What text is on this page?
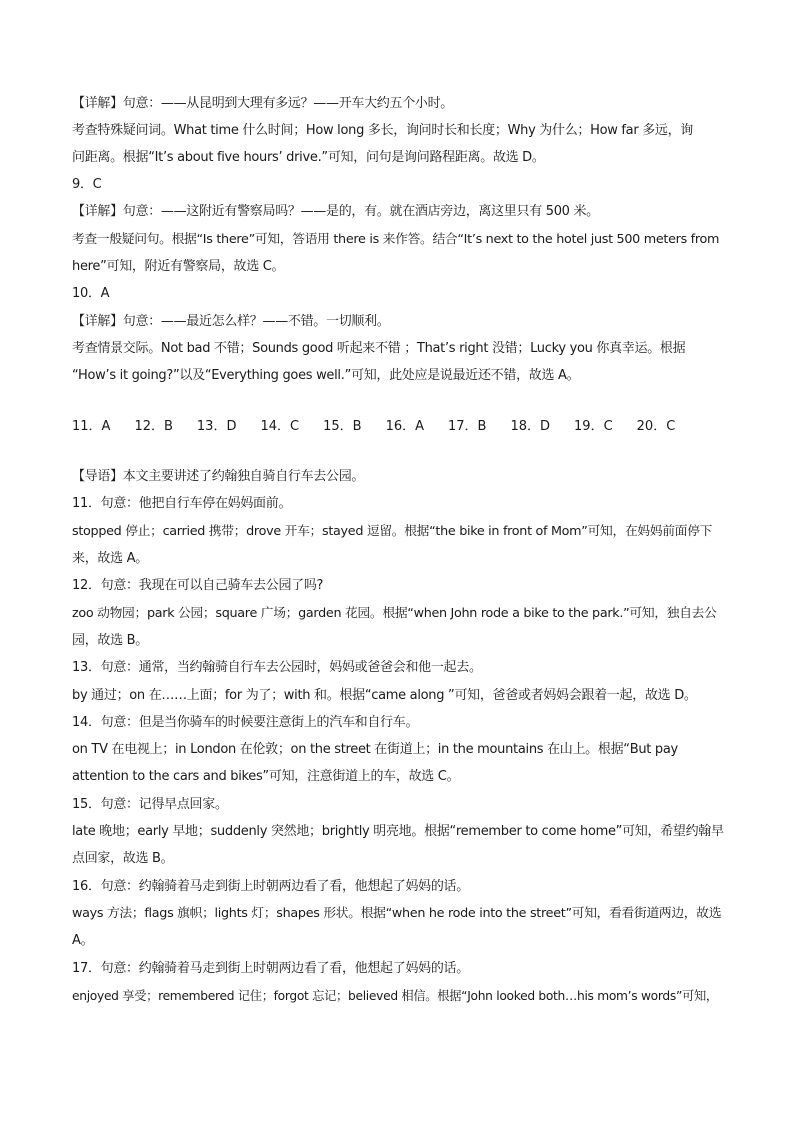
【详解】句意：——从昆明到大理有多远？——开车大约五个小时。
考查特殊疑问词。What time 什么时间；How long 多长，询问时长和长度；Why 为什么；How far 多远，询
问距离。根据“It’s about five hours’ drive.”可知，问句是询问路程距离。故选 D。
9．C
【详解】句意：——这附近有警察局吗？——是的，有。就在酒店旁边，离这里只有 500 米。
考查一般疑问句。根据“Is there”可知，答语用 there is 来作答。结合“It’s next to the hotel just 500 meters from
here”可知，附近有警察局，故选 C。
10．A
【详解】句意：——最近怎么样？——不错。一切顺利。
考查情景交际。Not bad 不错；Sounds good 听起来不错 ；That’s right 没错；Lucky you 你真幸运。根据
“How’s it going?”以及“Everything goes well.”可知，此处应是说最近还不错，故选 A。
11．A 12．B 13．D 14．C 15．B 16．A 17．B 18．D 19．C 20．C
【导语】本文主要讲述了约翰独自骑自行车去公园。
11．句意：他把自行车停在妈妈面前。
stopped 停止；carried 携带；drove 开车；stayed 逗留。根据“the bike in front of Mom”可知，在妈妈前面停下
来，故选 A。
12．句意：我现在可以自己骑车去公园了吗?
zoo 动物园；park 公园；square 广场；garden 花园。根据“when John rode a bike to the park.”可知，独自去公
园，故选 B。
13．句意：通常，当约翰骑自行车去公园时，妈妈或爸爸会和他一起去。
by 通过；on 在……上面；for 为了；with 和。根据“came along ”可知，爸爸或者妈妈会跟着一起，故选 D。
14．句意：但是当你骑车的时候要注意街上的汽车和自行车。
on TV 在电视上；in London 在伦敦；on the street 在街道上；in the mountains 在山上。根据“But pay
attention to the cars and bikes”可知，注意街道上的车，故选 C。
15．句意：记得早点回家。
late 晚地；early 早地；suddenly 突然地；brightly 明亮地。根据“remember to come home”可知，希望约翰早
点回家，故选 B。
16．句意：约翰骑着马走到街上时朝两边看了看，他想起了妈妈的话。
ways 方法；flags 旗帜；lights 灯；shapes 形状。根据“when he rode into the street”可知，看看街道两边，故选
A。
17．句意：约翰骑着马走到街上时朝两边看了看，他想起了妈妈的话。
enjoyed 享受；remembered 记住；forgot 忘记；believed 相信。根据“John looked both…his mom’s words”可知，
